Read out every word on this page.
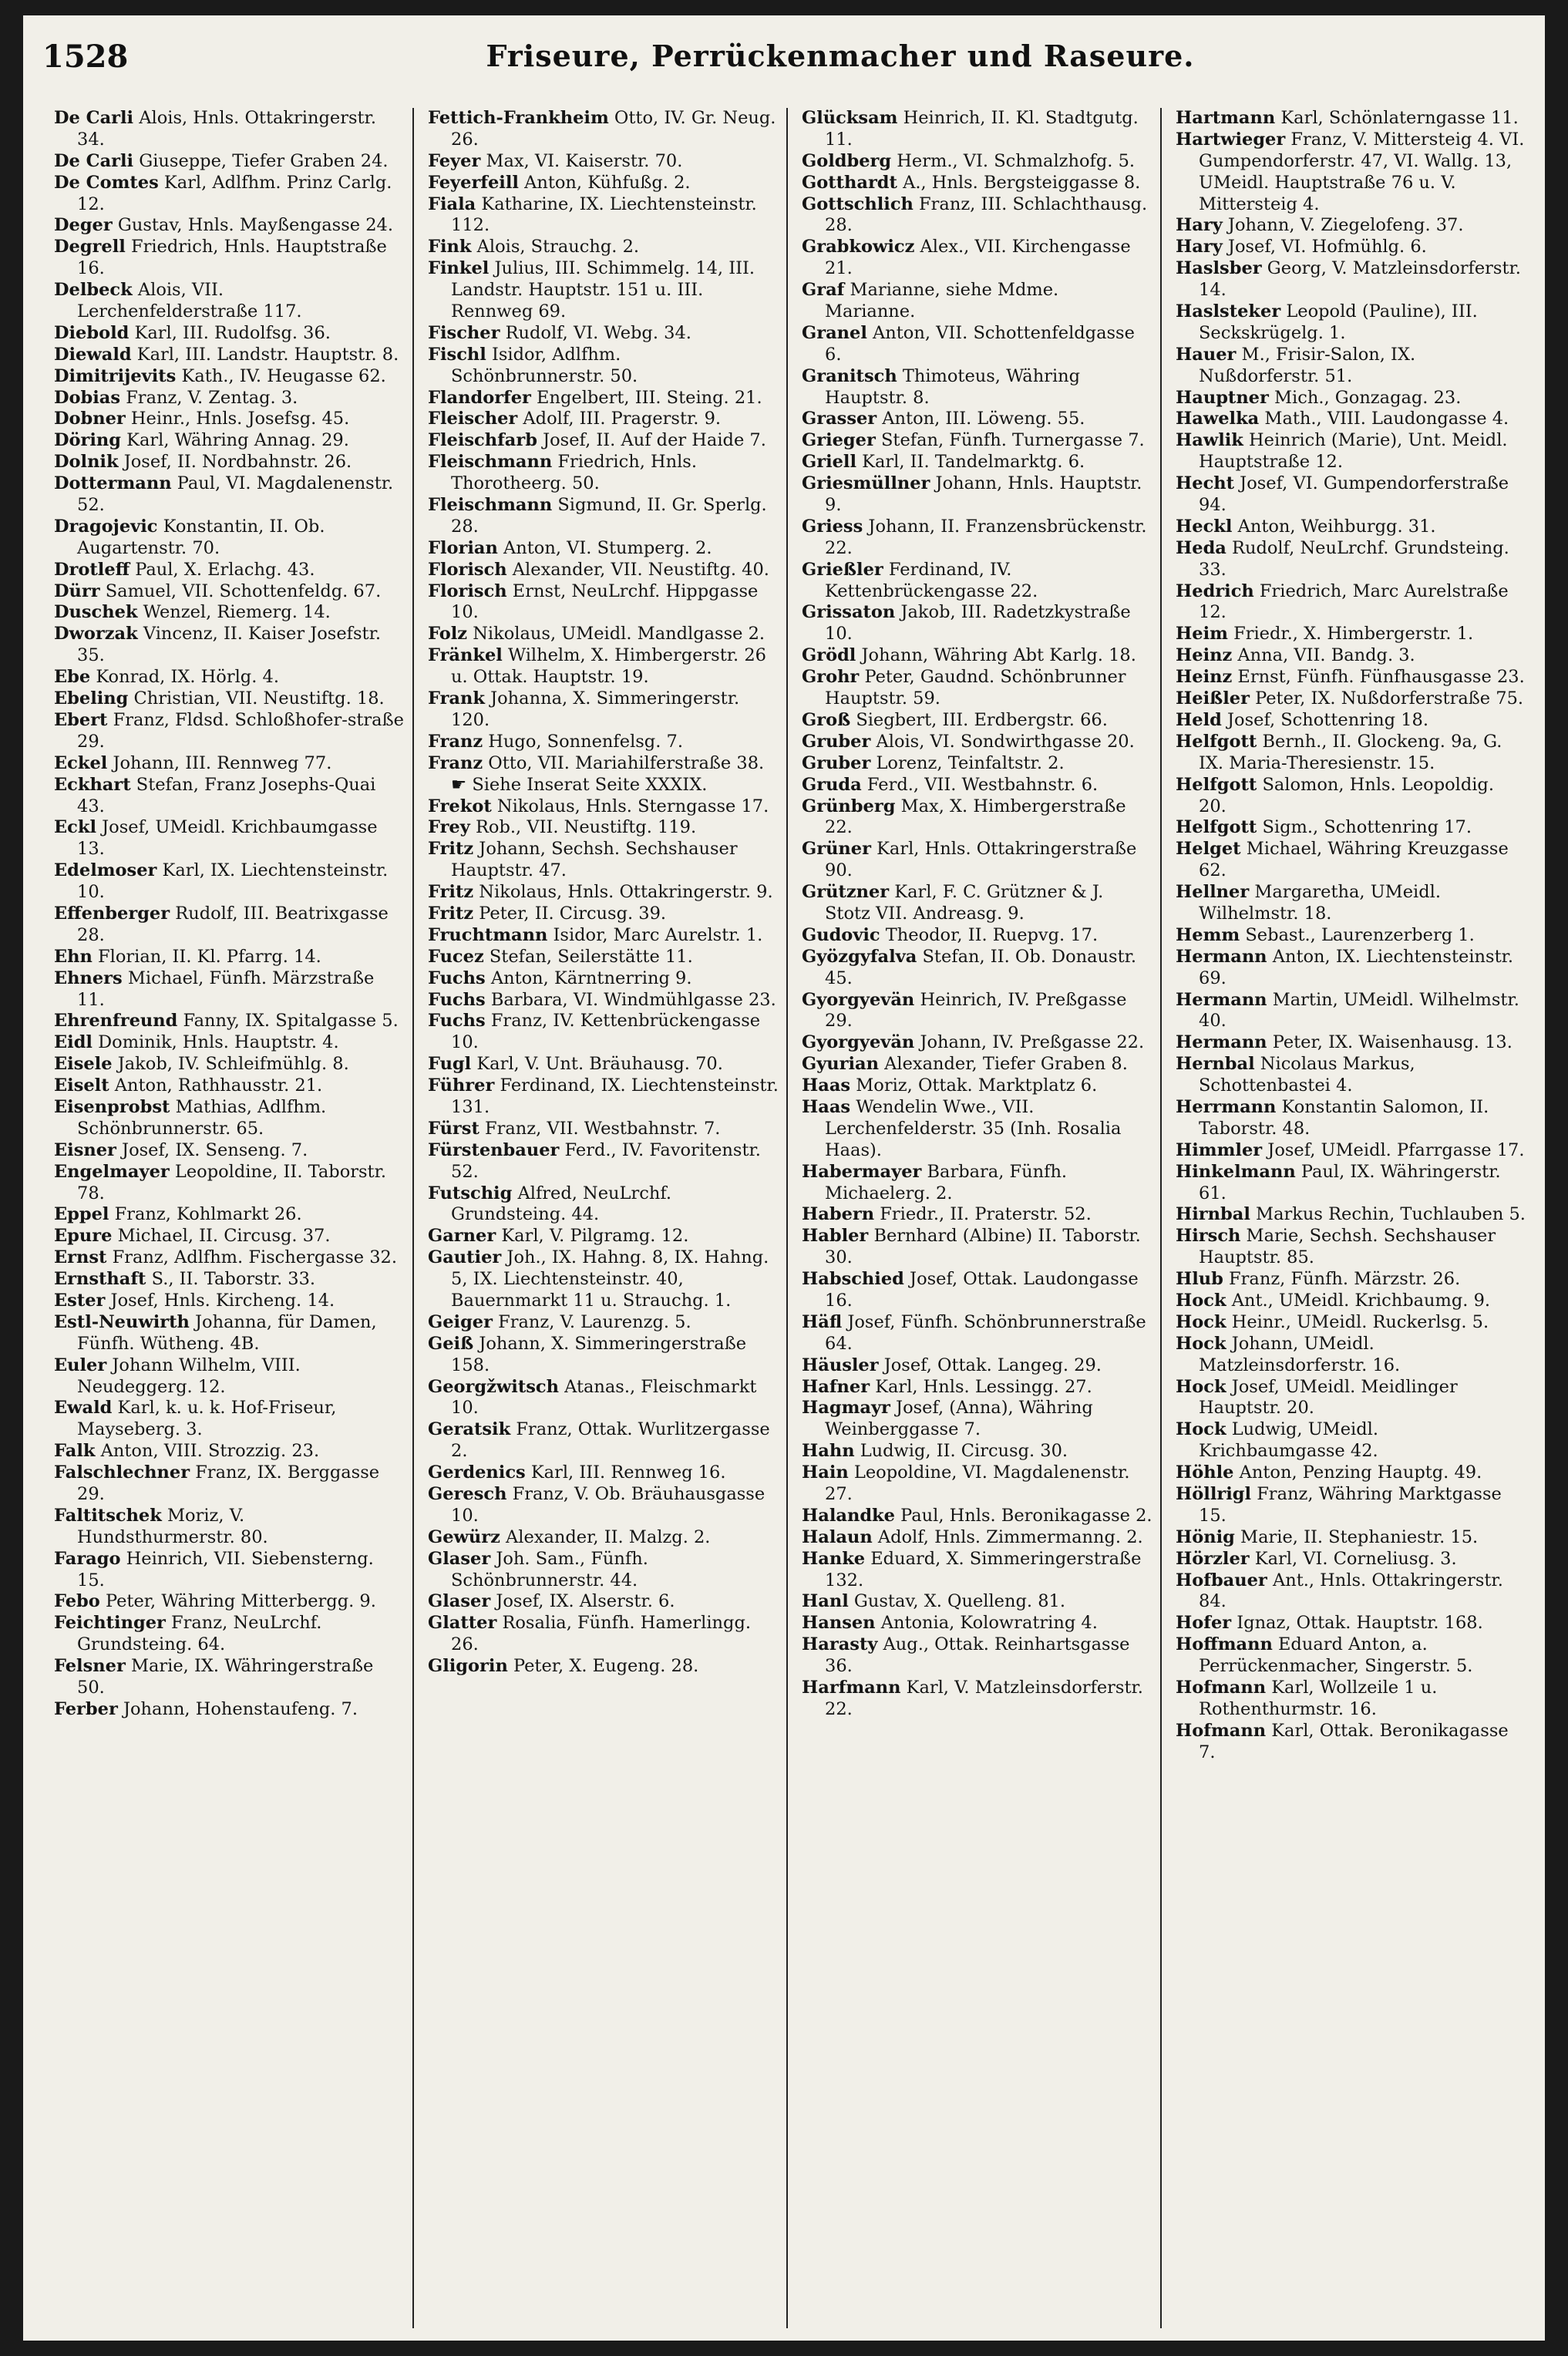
1528	Friseure, Perrückenmacher und Raseure.

De Carli Alois, Hnls. Ottakringerstr. 34.

De Carli Giuseppe, Tiefer Graben 24.

De Comtes Karl, Adlfhm. Prinz Carlg. 12.

Deger Gustav, Hnls. Mayßengasse 24.

Degrell Friedrich, Hnls. Hauptstraße 16.

Delbeck Alois, VII. Lerchenfelderstraße 117.

Diebold Karl, III. Rudolfsg. 36.

Diewald Karl, III. Landstr. Hauptstr. 8.

Dimitrijevits Kath., IV. Heugasse 62.

Dobias Franz, V. Zentag. 3.

Dobner Heinr., Hnls. Josefsg. 45.

Döring Karl, Währing Annag. 29.

Dolnik Josef, II. Nordbahnstr. 26.

Dottermann Paul, VI. Magdalenenstr. 52.

Dragojevic Konstantin, II. Ob. Augartenstr. 70.

Drotleff Paul, X. Erlachg. 43.

Dürr Samuel, VII. Schottenfeldg. 67.

Duschek Wenzel, Riemerg. 14.

Dworzak Vincenz, II. Kaiser Josefstr. 35.

Ebe Konrad, IX. Hörlg. 4.

Ebeling Christian, VII. Neustiftg. 18.

Ebert Franz, Fldsd. Schloßhofer-straße 29.

Eckel Johann, III. Rennweg 77.

Eckhart Stefan, Franz Josephs-Quai 43.

Eckl Josef, UMeidl. Krichbaumgasse 13.

Edelmoser Karl, IX. Liechtensteinstr. 10.

Effenberger Rudolf, III. Beatrixgasse 28.

Ehn Florian, II. Kl. Pfarrg. 14.

Ehners Michael, Fünfh. Märzstraße 11.

Ehrenfreund Fanny, IX. Spitalgasse 5.

Eidl Dominik, Hnls. Hauptstr. 4.

Eisele Jakob, IV. Schleifmühlg. 8.

Eiselt Anton, Rathhausstr. 21.

Eisenprobst Mathias, Adlfhm. Schönbrunnerstr. 65.

Eisner Josef, IX. Senseng. 7.

Engelmayer Leopoldine, II. Taborstr. 78.

Eppel Franz, Kohlmarkt 26.

Epure Michael, II. Circusg. 37.

Ernst Franz, Adlfhm. Fischergasse 32.

Ernsthaft S., II. Taborstr. 33.

Ester Josef, Hnls. Kircheng. 14.

Estl-Neuwirth Johanna, für Damen, Fünfh. Wütheng. 4B.

Euler Johann Wilhelm, VIII. Neudeggerg. 12.

Ewald Karl, k. u. k. Hof-Friseur, Mayseberg. 3.

Falk Anton, VIII. Strozzig. 23.

Falschlechner Franz, IX. Berggasse 29.

Faltitschek Moriz, V. Hundsthurmerstr. 80.

Farago Heinrich, VII. Siebensterng. 15.

Febo Peter, Währing Mitterbergg. 9.

Feichtinger Franz, NeuLrchf. Grundsteing. 64.

Felsner Marie, IX. Währingerstraße 50.

Ferber Johann, Hohenstaufeng. 7.

Fettich-Frankheim Otto, IV. Gr. Neug. 26.

Feyer Max, VI. Kaiserstr. 70.

Feyerfeill Anton, Kühfußg. 2.

Fiala Katharine, IX. Liechtensteinstr. 112.

Fink Alois, Strauchg. 2.

Finkel Julius, III. Schimmelg. 14, III. Landstr. Hauptstr. 151 u. III. Rennweg 69.

Fischer Rudolf, VI. Webg. 34.

Fischl Isidor, Adlfhm. Schönbrunnerstr. 50.

Flandorfer Engelbert, III. Steing. 21.

Fleischer Adolf, III. Pragerstr. 9.

Fleischfarb Josef, II. Auf der Haide 7.

Fleischmann Friedrich, Hnls. Thorotheerg. 50.

Fleischmann Sigmund, II. Gr. Sperlg. 28.

Florian Anton, VI. Stumperg. 2.

Florisch Alexander, VII. Neustiftg. 40.

Florisch Ernst, NeuLrchf. Hippgasse 10.

Folz Nikolaus, UMeidl. Mandlgasse 2.

Fränkel Wilhelm, X. Himbergerstr. 26 u. Ottak. Hauptstr. 19.

Frank Johanna, X. Simmeringerstr. 120.

Franz Hugo, Sonnenfelsg. 7.

Franz Otto, VII. Mariahilferstraße 38. ☛ Siehe Inserat Seite XXXIX.

Frekot Nikolaus, Hnls. Sterngasse 17.

Frey Rob., VII. Neustiftg. 119.

Fritz Johann, Sechsh. Sechshauser Hauptstr. 47.

Fritz Nikolaus, Hnls. Ottakringerstr. 9.

Fritz Peter, II. Circusg. 39.

Fruchtmann Isidor, Marc Aurelstr. 1.

Fucez Stefan, Seilerstätte 11.

Fuchs Anton, Kärntnerring 9.

Fuchs Barbara, VI. Windmühlgasse 23.

Fuchs Franz, IV. Kettenbrückengasse 10.

Fugl Karl, V. Unt. Bräuhausg. 70.

Führer Ferdinand, IX. Liechtensteinstr. 131.

Fürst Franz, VII. Westbahnstr. 7.

Fürstenbauer Ferd., IV. Favoritenstr. 52.

Futschig Alfred, NeuLrchf. Grundsteing. 44.

Garner Karl, V. Pilgramg. 12.

Gautier Joh., IX. Hahng. 8, IX. Hahng. 5, IX. Liechtensteinstr. 40, Bauernmarkt 11 u. Strauchg. 1.

Geiger Franz, V. Laurenzg. 5.

Geiß Johann, X. Simmeringerstraße 158.

Georgžwitsch Atanas., Fleischmarkt 10.

Geratsik Franz, Ottak. Wurlitzergasse 2.

Gerdenics Karl, III. Rennweg 16.

Geresch Franz, V. Ob. Bräuhausgasse 10.

Gewürz Alexander, II. Malzg. 2.

Glaser Joh. Sam., Fünfh. Schönbrunnerstr. 44.

Glaser Josef, IX. Alserstr. 6.

Glatter Rosalia, Fünfh. Hamerlingg. 26.

Gligorin Peter, X. Eugeng. 28.

Glücksam Heinrich, II. Kl. Stadtgutg. 11.

Goldberg Herm., VI. Schmalzhofg. 5.

Gotthardt A., Hnls. Bergsteiggasse 8.

Gottschlich Franz, III. Schlachthausg. 28.

Grabkowicz Alex., VII. Kirchengasse 21.

Graf Marianne, siehe Mdme. Marianne.

Granel Anton, VII. Schottenfeldgasse 6.

Granitsch Thimoteus, Währing Hauptstr. 8.

Grasser Anton, III. Löweng. 55.

Grieger Stefan, Fünfh. Turnergasse 7.

Griell Karl, II. Tandelmarktg. 6.

Griesmüllner Johann, Hnls. Hauptstr. 9.

Griess Johann, II. Franzensbrückenstr. 22.

Grießler Ferdinand, IV. Kettenbrückengasse 22.

Grissaton Jakob, III. Radetzkystraße 10.

Grödl Johann, Währing Abt Karlg. 18.

Grohr Peter, Gaudnd. Schönbrunner Hauptstr. 59.

Groß Siegbert, III. Erdbergstr. 66.

Gruber Alois, VI. Sondwirthgasse 20.

Gruber Lorenz, Teinfaltstr. 2.

Gruda Ferd., VII. Westbahnstr. 6.

Grünberg Max, X. Himbergerstraße 22.

Grüner Karl, Hnls. Ottakringerstraße 90.

Grützner Karl, F. C. Grützner & J. Stotz VII. Andreasg. 9.

Gudovic Theodor, II. Ruepvg. 17.

Gyözgyfalva Stefan, II. Ob. Donaustr. 45.

Gyorgyevän Heinrich, IV. Preßgasse 29.

Gyorgyevän Johann, IV. Preßgasse 22.

Gyurian Alexander, Tiefer Graben 8.

Haas Moriz, Ottak. Marktplatz 6.

Haas Wendelin Wwe., VII. Lerchenfelderstr. 35 (Inh. Rosalia Haas).

Habermayer Barbara, Fünfh. Michaelerg. 2.

Habern Friedr., II. Praterstr. 52.

Habler Bernhard (Albine) II. Taborstr. 30.

Habschied Josef, Ottak. Laudongasse 16.

Häfl Josef, Fünfh. Schönbrunnerstraße 64.

Häusler Josef, Ottak. Langeg. 29.

Hafner Karl, Hnls. Lessingg. 27.

Hagmayr Josef, (Anna), Währing Weinberggasse 7.

Hahn Ludwig, II. Circusg. 30.

Hain Leopoldine, VI. Magdalenenstr. 27.

Halandke Paul, Hnls. Beronikagasse 2.

Halaun Adolf, Hnls. Zimmermanng. 2.

Hanke Eduard, X. Simmeringerstraße 132.

Hanl Gustav, X. Quelleng. 81.

Hansen Antonia, Kolowratring 4.

Harasty Aug., Ottak. Reinhartsgasse 36.

Harfmann Karl, V. Matzleinsdorferstr. 22.

Hartmann Karl, Schönlaterngasse 11.

Hartwieger Franz, V. Mittersteig 4. VI. Gumpendorferstr. 47, VI. Wallg. 13, UMeidl. Hauptstraße 76 u. V. Mittersteig 4.

Hary Johann, V. Ziegelofeng. 37.

Hary Josef, VI. Hofmühlg. 6.

Haslsber Georg, V. Matzleinsdorferstr. 14.

Haslsteker Leopold (Pauline), III. Seckskrügelg. 1.

Hauer M., Frisir-Salon, IX. Nußdorferstr. 51.

Hauptner Mich., Gonzagag. 23.

Hawelka Math., VIII. Laudongasse 4.

Hawlik Heinrich (Marie), Unt. Meidl. Hauptstraße 12.

Hecht Josef, VI. Gumpendorferstraße 94.

Heckl Anton, Weihburgg. 31.

Heda Rudolf, NeuLrchf. Grundsteing. 33.

Hedrich Friedrich, Marc Aurelstraße 12.

Heim Friedr., X. Himbergerstr. 1.

Heinz Anna, VII. Bandg. 3.

Heinz Ernst, Fünfh. Fünfhausgasse 23.

Heißler Peter, IX. Nußdorferstraße 75.

Held Josef, Schottenring 18.

Helfgott Bernh., II. Glockeng. 9a, G. IX. Maria-Theresienstr. 15.

Helfgott Salomon, Hnls. Leopoldig. 20.

Helfgott Sigm., Schottenring 17.

Helget Michael, Währing Kreuzgasse 62.

Hellner Margaretha, UMeidl. Wilhelmstr. 18.

Hemm Sebast., Laurenzerberg 1.

Hermann Anton, IX. Liechtensteinstr. 69.

Hermann Martin, UMeidl. Wilhelmstr. 40.

Hermann Peter, IX. Waisenhausg. 13.

Hernbal Nicolaus Markus, Schottenbastei 4.

Herrmann Konstantin Salomon, II. Taborstr. 48.

Himmler Josef, UMeidl. Pfarrgasse 17.

Hinkelmann Paul, IX. Währingerstr. 61.

Hirnbal Markus Rechin, Tuchlauben 5.

Hirsch Marie, Sechsh. Sechshauser Hauptstr. 85.

Hlub Franz, Fünfh. Märzstr. 26.

Hock Ant., UMeidl. Krichbaumg. 9.

Hock Heinr., UMeidl. Ruckerlsg. 5.

Hock Johann, UMeidl. Matzleinsdorferstr. 16.

Hock Josef, UMeidl. Meidlinger Hauptstr. 20.

Hock Ludwig, UMeidl. Krichbaumgasse 42.

Höhle Anton, Penzing Hauptg. 49.

Höllrigl Franz, Währing Marktgasse 15.

Hönig Marie, II. Stephaniestr. 15.

Hörzler Karl, VI. Corneliusg. 3.

Hofbauer Ant., Hnls. Ottakringerstr. 84.

Hofer Ignaz, Ottak. Hauptstr. 168.

Hoffmann Eduard Anton, a. Perrückenmacher, Singerstr. 5.

Hofmann Karl, Wollzeile 1 u. Rothenthurmstr. 16.

Hofmann Karl, Ottak. Beronikagasse 7.
